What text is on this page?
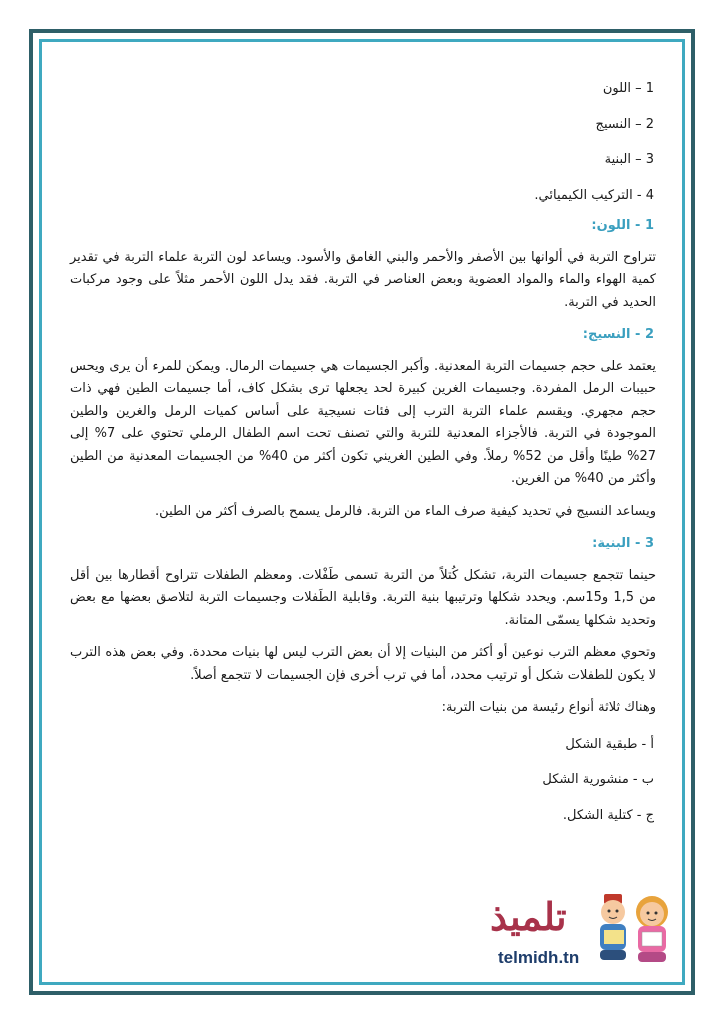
1 – اللون
2 – النسيج
3 – البنية
4 - التركيب الكيميائي.
1 - اللون:
تتراوح التربة في ألوانها بين الأصفر والأحمر والبني الغامق والأسود. ويساعد لون التربة علماء التربة في تقدير كمية الهواء والماء والمواد العضوية وبعض العناصر في التربة. فقد يدل اللون الأحمر مثلاً على وجود مركبات الحديد في التربة.
2 - النسيج:
يعتمد على حجم جسيمات التربة المعدنية. وأكبر الجسيمات هي جسيمات الرمال. ويمكن للمرء أن يرى ويحس حبيبات الرمل المفردة. وجسيمات الغرين كبيرة لحد يجعلها ترى بشكل كاف، أما جسيمات الطين فهي ذات حجم مجهري. ويقسم علماء التربة الترب إلى فئات نسيجية على أساس كميات الرمل والغرين والطين الموجودة في التربة. فالأجزاء المعدنية للتربة والتي تصنف تحت اسم الطفال الرملي تحتوي على 7% إلى 27% طينًا وأقل من 52% رملاً. وفي الطين الغريني تكون أكثر من 40% من الجسيمات المعدنية من الطين وأكثر من 40% من الغرين.
ويساعد النسيج في تحديد كيفية صرف الماء من التربة. فالرمل يسمح بالصرف أكثر من الطين.
3 - البنية:
حينما تتجمع جسيمات التربة، تشكل كُتلاً من التربة تسمى طَفْلات. ومعظم الطفلات تتراوح أقطارها بين أقل من 1,5 و15سم. ويحدد شكلها وترتيبها بنية التربة. وقابلية الطَفلات وجسيمات التربة لتلاصق بعضها مع بعض وتحديد شكلها يسمّى المتانة.
وتحوي معظم الترب نوعين أو أكثر من البنيات إلا أن بعض الترب ليس لها بنيات محددة. وفي بعض هذه الترب لا يكون للطفلات شكل أو ترتيب محدد، أما في ترب أخرى فإن الجسيمات لا تتجمع أصلاً.
وهناك ثلاثة أنواع رئيسة من بنيات التربة:
أ - طبقية الشكل
ب - منشورية الشكل
ج - كتلية الشكل.
تلميذ
telmidh.tn
